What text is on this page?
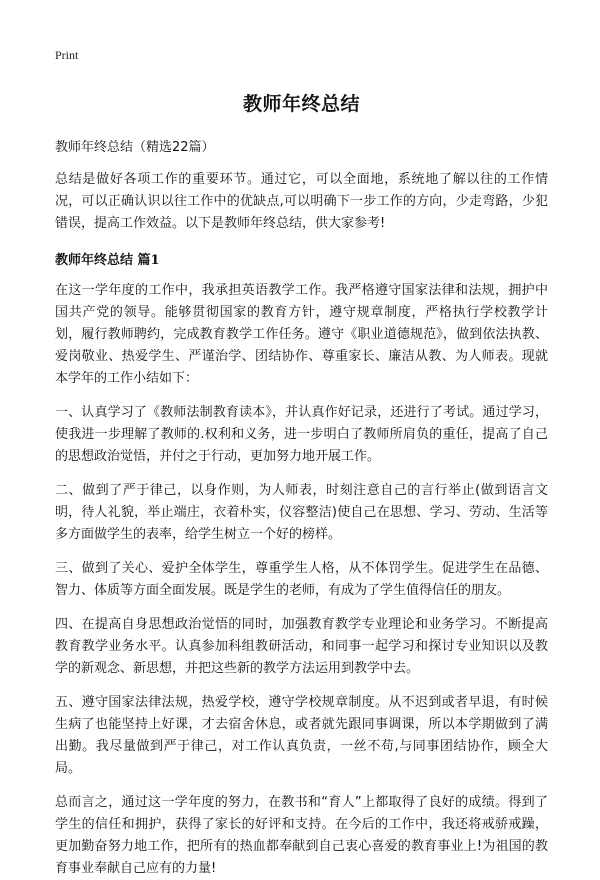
Print
教师年终总结
教师年终总结（精选22篇）

总结是做好各项工作的重要环节。通过它，可以全面地，系统地了解以往的工作情况，可以正确认识以往工作中的优缺点,可以明确下一步工作的方向，少走弯路，少犯错误，提高工作效益。以下是教师年终总结，供大家参考!

教师年终总结 篇1

在这一学年度的工作中，我承担英语教学工作。我严格遵守国家法律和法规，拥护中国共产党的领导。能够贯彻国家的教育方针，遵守规章制度，严格执行学校教学计划，履行教师聘约，完成教育教学工作任务。遵守《职业道德规范》，做到依法执教、爱岗敬业、热爱学生、严谨治学、团结协作、尊重家长、廉洁从教、为人师表。现就本学年的工作小结如下：

一、认真学习了《教师法制教育读本》，并认真作好记录，还进行了考试。通过学习，使我进一步理解了教师的.权利和义务，进一步明白了教师所肩负的重任，提高了自己的思想政治觉悟，并付之于行动，更加努力地开展工作。

二、做到了严于律己，以身作则，为人师表，时刻注意自己的言行举止(做到语言文明，待人礼貌，举止端庄，衣着朴实，仪容整洁)使自己在思想、学习、劳动、生活等多方面做学生的表率，给学生树立一个好的榜样。

三、做到了关心、爱护全体学生，尊重学生人格，从不体罚学生。促进学生在品德、智力、体质等方面全面发展。既是学生的老师，有成为了学生值得信任的朋友。

四、在提高自身思想政治觉悟的同时，加强教育教学专业理论和业务学习。不断提高教育教学业务水平。认真参加科组教研活动，和同事一起学习和探讨专业知识以及教学的新观念、新思想，并把这些新的教学方法运用到教学中去。

五、遵守国家法律法规，热爱学校，遵守学校规章制度。从不迟到或者早退，有时候生病了也能坚持上好课，才去宿舍休息，或者就先跟同事调课，所以本学期做到了满出勤。我尽量做到严于律己，对工作认真负责，一丝不苟,与同事团结协作，顾全大局。

总而言之，通过这一学年度的努力，在教书和“育人”上都取得了良好的成绩。得到了学生的信任和拥护，获得了家长的好评和支持。在今后的工作中，我还将戒骄戒躁，更加勤奋努力地工作，把所有的热血都奉献到自己衷心喜爱的教育事业上!为祖国的教育事业奉献自己应有的力量!
